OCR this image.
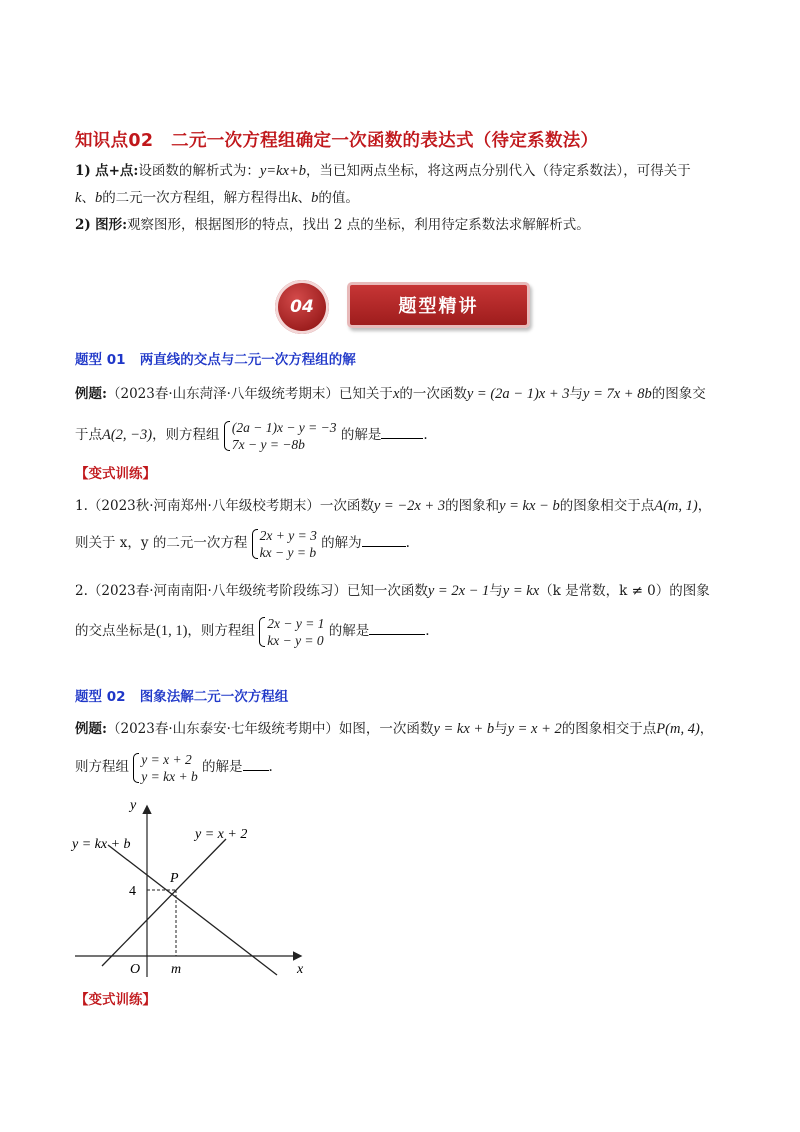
知识点02　二元一次方程组确定一次函数的表达式（待定系数法）
1) 点+点:设函数的解析式为：y=kx+b，当已知两点坐标，将这两点分别代入（待定系数法），可得关于
k、b的二元一次方程组，解方程得出k、b的值。
2) 图形:观察图形，根据图形的特点，找出 2 点的坐标，利用待定系数法求解解析式。
04	题型精讲
题型 01 两直线的交点与二元一次方程组的解
例题:（2023春·山东菏泽·八年级统考期末）已知关于x的一次函数y = (2a − 1)x + 3与y = 7x + 8b的图象交
于点A(2, −3)，则方程组 (2a − 1)x − y = −3
7x − y = −8b
的解是	.
【变式训练】
1.（2023秋·河南郑州·八年级校考期末）一次函数y = −2x + 3的图象和y = kx − b的图象相交于点A(m, 1)，
则关于 x，y 的二元一次方程 2x + y = 3
kx − y = b
的解为	.
2.（2023春·河南南阳·八年级统考阶段练习）已知一次函数y = 2x − 1与y = kx（k 是常数，k ≠ 0）的图象
的交点坐标是(1, 1)，则方程组 2x − y = 1
kx − y = 0
的解是	.
题型 02 图象法解二元一次方程组
例题:（2023春·山东泰安·七年级统考期中）如图，一次函数y = kx + b与y = x + 2的图象相交于点P(m, 4)，
则方程组 y = x + 2
y = kx + b
的解是 .
y
x
O
y = kx + b
y = x + 2
P
4
m
【变式训练】
